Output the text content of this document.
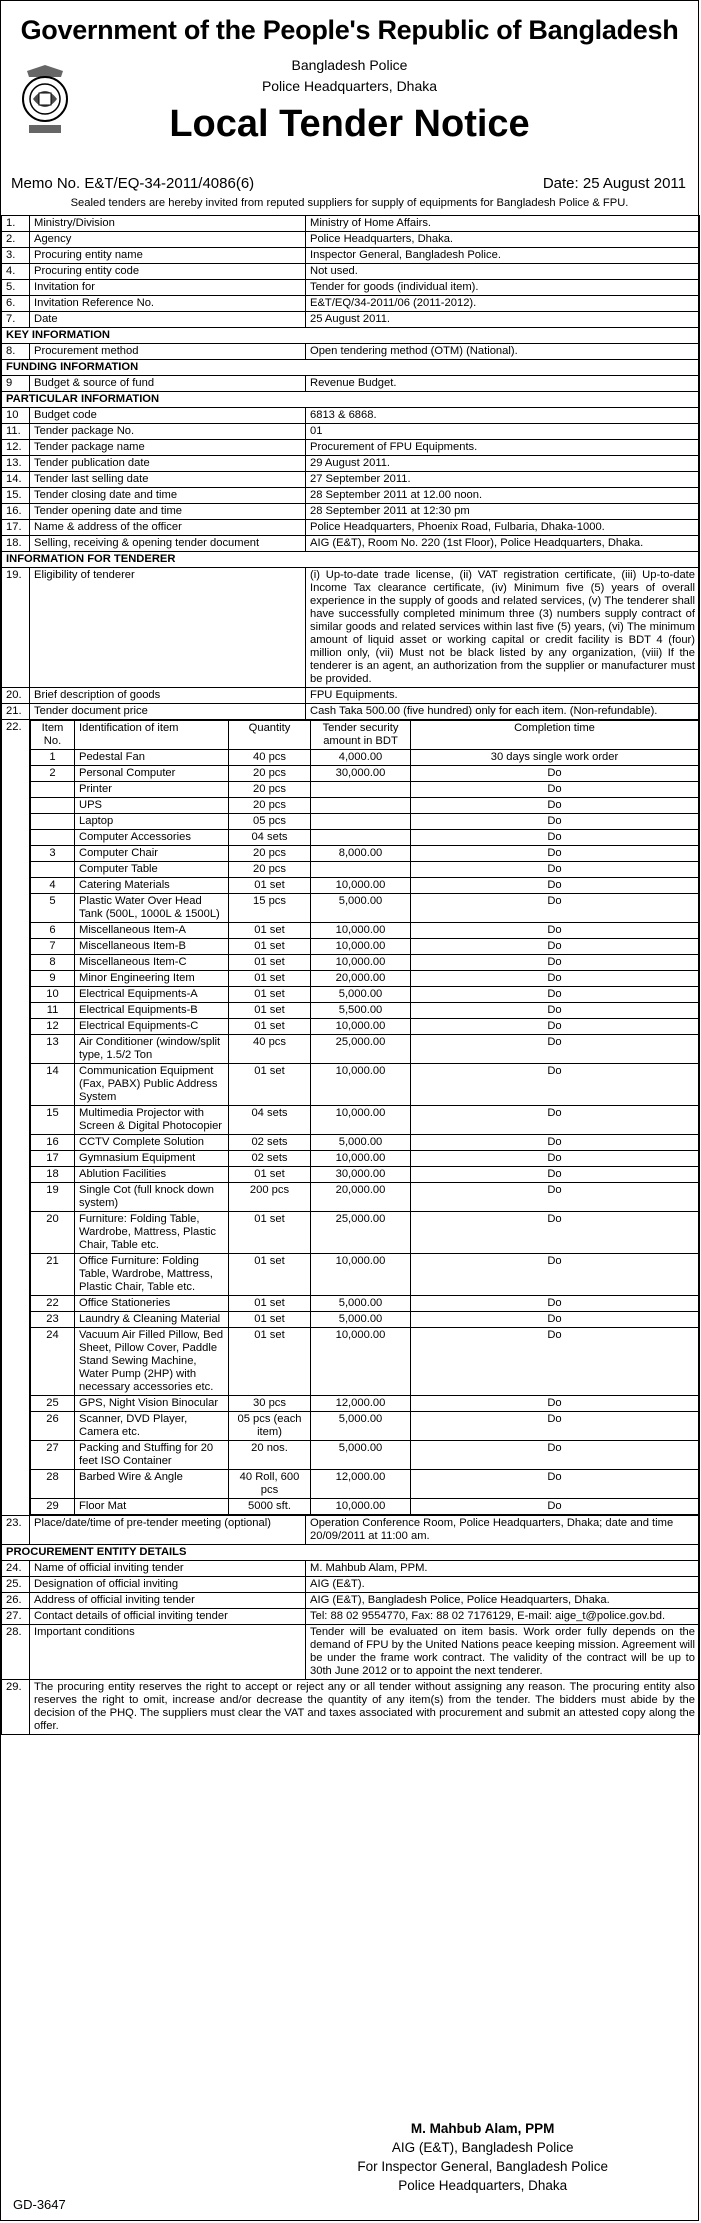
Government of the People's Republic of Bangladesh
Bangladesh Police
Police Headquarters, Dhaka
Local Tender Notice
Memo No. E&T/EQ-34-2011/4086(6)	Date: 25 August 2011
Sealed tenders are hereby invited from reputed suppliers for supply of equipments for Bangladesh Police & FPU.
1.	Ministry/Division	Ministry of Home Affairs.
2.	Agency	Police Headquarters, Dhaka.
3.	Procuring entity name	Inspector General, Bangladesh Police.
4.	Procuring entity code	Not used.
5.	Invitation for	Tender for goods (individual item).
6.	Invitation Reference No.	E&T/EQ/34-2011/06 (2011-2012).
7.	Date	25 August 2011.
KEY INFORMATION
8.	Procurement method	Open tendering method (OTM) (National).
FUNDING INFORMATION
9	Budget & source of fund	Revenue Budget.
PARTICULAR INFORMATION
10	Budget code	6813 & 6868.
11.	Tender package No.	01
12.	Tender package name	Procurement of FPU Equipments.
13.	Tender publication date	29 August 2011.
14.	Tender last selling date	27 September 2011.
15.	Tender closing date and time	28 September 2011 at 12.00 noon.
16.	Tender opening date and time	28 September 2011 at 12:30 pm
17.	Name & address of the officer	Police Headquarters, Phoenix Road, Fulbaria, Dhaka-1000.
18.	Selling, receiving & opening tender document	AIG (E&T), Room No. 220 (1st Floor), Police Headquarters, Dhaka.
INFORMATION FOR TENDERER
19.	Eligibility of tenderer	(i) Up-to-date trade license, (ii) VAT registration certificate, (iii) Up-to-date Income Tax clearance certificate, (iv) Minimum five (5) years of overall experience in the supply of goods and related services, (v) The tenderer shall have successfully completed minimum three (3) numbers supply contract of similar goods and related services within last five (5) years, (vi) The minimum amount of liquid asset or working capital or credit facility is BDT 4 (four) million only, (vii) Must not be black listed by any organization, (viii) If the tenderer is an agent, an authorization from the supplier or manufacturer must be provided.
20.	Brief description of goods	FPU Equipments.
21.	Tender document price	Cash Taka 500.00 (five hundred) only for each item. (Non-refundable).
22.	Item No.	Identification of item	Quantity	Tender security amount in BDT	Completion time
1	Pedestal Fan	40 pcs	4,000.00	30 days single work order
2	Personal Computer	20 pcs	30,000.00	Do
	Printer	20 pcs		Do
	UPS	20 pcs		Do
	Laptop	05 pcs		Do
	Computer Accessories	04 sets		Do
3	Computer Chair	20 pcs	8,000.00	Do
	Computer Table	20 pcs		Do
4	Catering Materials	01 set	10,000.00	Do
5	Plastic Water Over Head Tank (500L, 1000L & 1500L)	15 pcs	5,000.00	Do
6	Miscellaneous Item-A	01 set	10,000.00	Do
7	Miscellaneous Item-B	01 set	10,000.00	Do
8	Miscellaneous Item-C	01 set	10,000.00	Do
9	Minor Engineering Item	01 set	20,000.00	Do
10	Electrical Equipments-A	01 set	5,000.00	Do
11	Electrical Equipments-B	01 set	5,500.00	Do
12	Electrical Equipments-C	01 set	10,000.00	Do
13	Air Conditioner (window/split type, 1.5/2 Ton	40 pcs	25,000.00	Do
14	Communication Equipment (Fax, PABX) Public Address System	01 set	10,000.00	Do
15	Multimedia Projector with Screen & Digital Photocopier	04 sets	10,000.00	Do
16	CCTV Complete Solution	02 sets	5,000.00	Do
17	Gymnasium Equipment	02 sets	10,000.00	Do
18	Ablution Facilities	01 set	30,000.00	Do
19	Single Cot (full knock down system)	200 pcs	20,000.00	Do
20	Furniture: Folding Table, Wardrobe, Mattress, Plastic Chair, Table etc.	01 set	25,000.00	Do
21	Office Furniture: Folding Table, Wardrobe, Mattress, Plastic Chair, Table etc.	01 set	10,000.00	Do
22	Office Stationeries	01 set	5,000.00	Do
23	Laundry & Cleaning Material	01 set	5,000.00	Do
24	Vacuum Air Filled Pillow, Bed Sheet, Pillow Cover, Paddle Stand Sewing Machine, Water Pump (2HP) with necessary accessories etc.	01 set	10,000.00	Do
25	GPS, Night Vision Binocular	30 pcs	12,000.00	Do
26	Scanner, DVD Player, Camera etc.	05 pcs (each item)	5,000.00	Do
27	Packing and Stuffing for 20 feet ISO Container	20 nos.	5,000.00	Do
28	Barbed Wire & Angle	40 Roll, 600 pcs	12,000.00	Do
29	Floor Mat	5000 sft.	10,000.00	Do

23.	Place/date/time of pre-tender meeting (optional)	Operation Conference Room, Police Headquarters, Dhaka; date and time 20/09/2011 at 11:00 am.
PROCUREMENT ENTITY DETAILS
24.	Name of official inviting tender	M. Mahbub Alam, PPM.
25.	Designation of official inviting	AIG (E&T).
26.	Address of official inviting tender	AIG (E&T), Bangladesh Police, Police Headquarters, Dhaka.
27.	Contact details of official inviting tender	Tel: 88 02 9554770, Fax: 88 02 7176129, E-mail: aige_t@police.gov.bd.
28.	Important conditions	Tender will be evaluated on item basis. Work order fully depends on the demand of FPU by the United Nations peace keeping mission. Agreement will be under the frame work contract. The validity of the contract will be up to 30th June 2012 or to appoint the next tenderer.
29.	The procuring entity reserves the right to accept or reject any or all tender without assigning any reason. The procuring entity also reserves the right to omit, increase and/or decrease the quantity of any item(s) from the tender. The bidders must abide by the decision of the PHQ. The suppliers must clear the VAT and taxes associated with procurement and submit an attested copy along the offer.
M. Mahbub Alam, PPM
AIG (E&T), Bangladesh Police
For Inspector General, Bangladesh Police
Police Headquarters, Dhaka
GD-3647
